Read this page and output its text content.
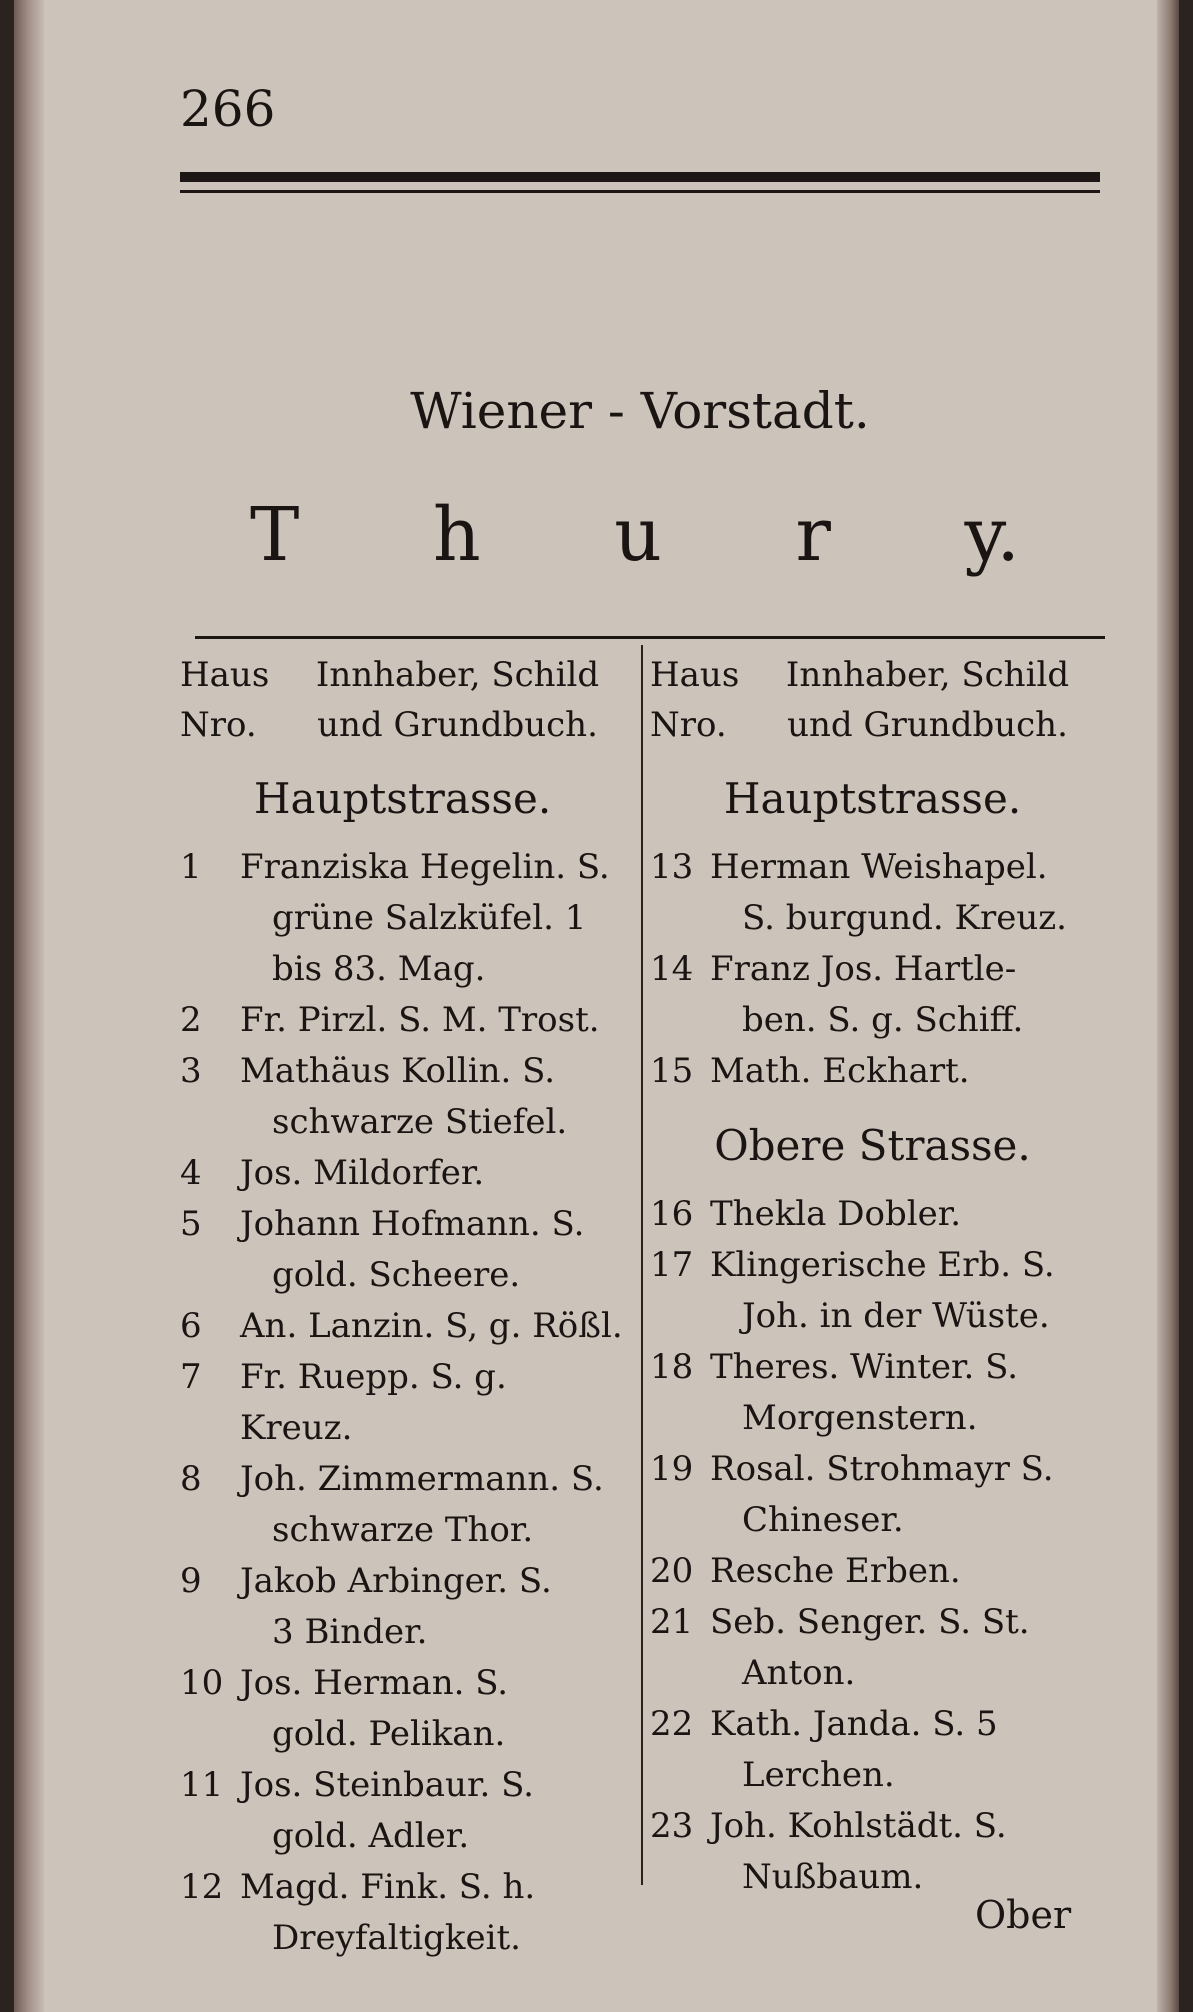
266

Wiener - Vorstadt.

T h u r y.
Haus	Innhaber, Schild
Nro.	und Grundbuch.
Hauptstrasse.
1	Franziska Hegelin. S.
grüne Salzküfel. 1
bis 83. Mag.
2	Fr. Pirzl. S. M. Trost.
3	Mathäus Kollin. S.
schwarze Stiefel.
4	Jos. Mildorfer.
5	Johann Hofmann. S.
gold. Scheere.
6	An. Lanzin. S, g. Rößl.
7	Fr. Ruepp. S. g. Kreuz.
8	Joh. Zimmermann. S.
schwarze Thor.
9	Jakob Arbinger. S.
3 Binder.
10 Jos. Herman. S.
gold. Pelikan.
11 Jos. Steinbaur. S.
gold. Adler.
12 Magd. Fink. S. h.
Dreyfaltigkeit.
Haus	Innhaber, Schild
Nro.	und Grundbuch.
Hauptstrasse.
13 Herman Weishapel.
S. burgund. Kreuz.
14 Franz Jos. Hartle-
ben. S. g. Schiff.
15 Math. Eckhart.
Obere Strasse.
16 Thekla Dobler.
17 Klingerische Erb. S.
Joh. in der Wüste.
18 Theres. Winter. S.
Morgenstern.
19 Rosal. Strohmayr S.
Chineser.
20 Resche Erben.
21 Seb. Senger. S. St.
Anton.
22 Kath. Janda. S. 5
Lerchen.
23 Joh. Kohlstädt. S.
Nußbaum.

Ober
